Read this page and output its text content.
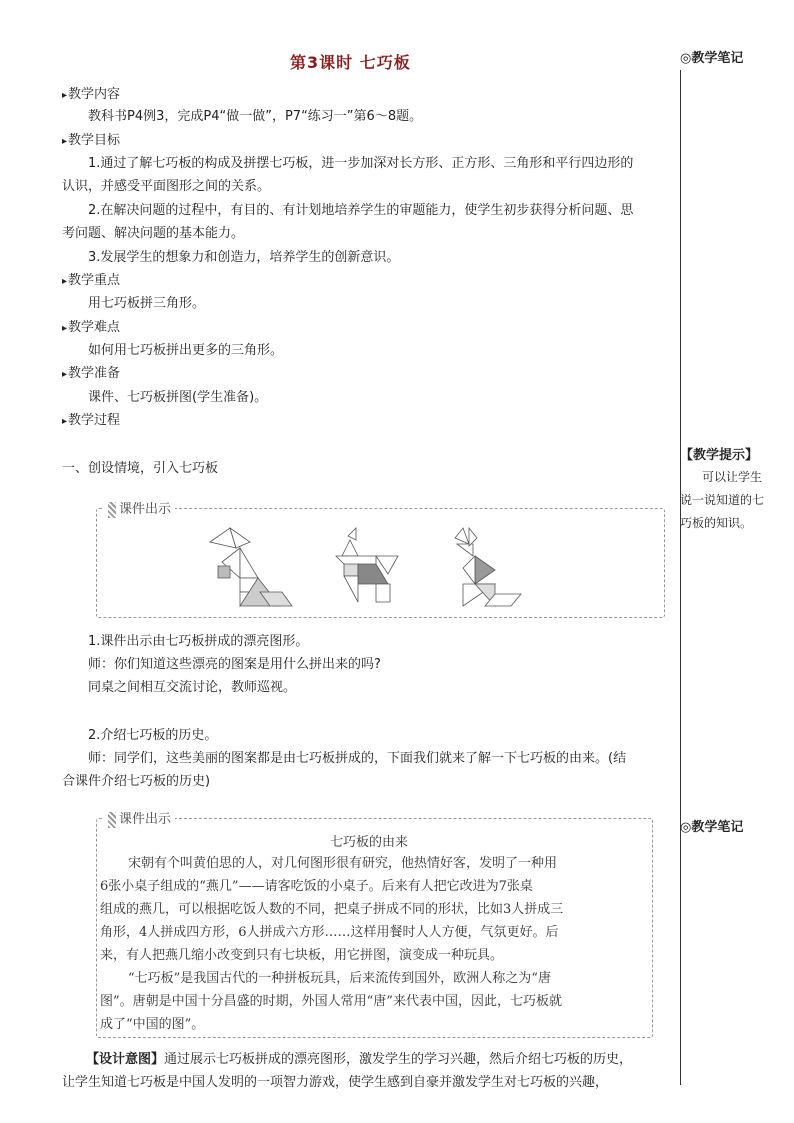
第3课时 七巧板	◎教学笔记
【教学提示】
可以让学生
说一说知道的七
巧板的知识。
◎教学笔记
▸ 教学内容
教科书P4例3，完成P4“做一做”，P7“练习一”第6～8题。
▸ 教学目标
1.通过了解七巧板的构成及拼摆七巧板，进一步加深对长方形、正方形、三角形和平行四边形的
认识，并感受平面图形之间的关系。
2.在解决问题的过程中，有目的、有计划地培养学生的审题能力，使学生初步获得分析问题、思
考问题、解决问题的基本能力。
3.发展学生的想象力和创造力，培养学生的创新意识。
▸ 教学重点
用七巧板拼三角形。
▸ 教学难点
如何用七巧板拼出更多的三角形。
▸ 教学准备
课件、七巧板拼图(学生准备)。
▸ 教学过程
一、创设情境，引入七巧板
课件出示
1.课件出示由七巧板拼成的漂亮图形。
师：你们知道这些漂亮的图案是用什么拼出来的吗?
同桌之间相互交流讨论，教师巡视。
2.介绍七巧板的历史。
师：同学们，这些美丽的图案都是由七巧板拼成的，下面我们就来了解一下七巧板的由来。(结
合课件介绍七巧板的历史)
课件出示
七巧板的由来
宋朝有个叫黄伯思的人，对几何图形很有研究，他热情好客，发明了一种用
6张小桌子组成的“燕几”——请客吃饭的小桌子。后来有人把它改进为7张桌
组成的燕几，可以根据吃饭人数的不同，把桌子拼成不同的形状，比如3人拼成三
角形，4人拼成四方形，6人拼成六方形……这样用餐时人人方便，气氛更好。后
来，有人把燕几缩小改变到只有七块板，用它拼图，演变成一种玩具。
“七巧板”是我国古代的一种拼板玩具，后来流传到国外，欧洲人称之为“唐
图”。唐朝是中国十分昌盛的时期，外国人常用“唐”来代表中国，因此，七巧板就
成了“中国的图”。
【设计意图】通过展示七巧板拼成的漂亮图形，激发学生的学习兴趣，然后介绍七巧板的历史，
让学生知道七巧板是中国人发明的一项智力游戏，使学生感到自豪并激发学生对七巧板的兴趣，
